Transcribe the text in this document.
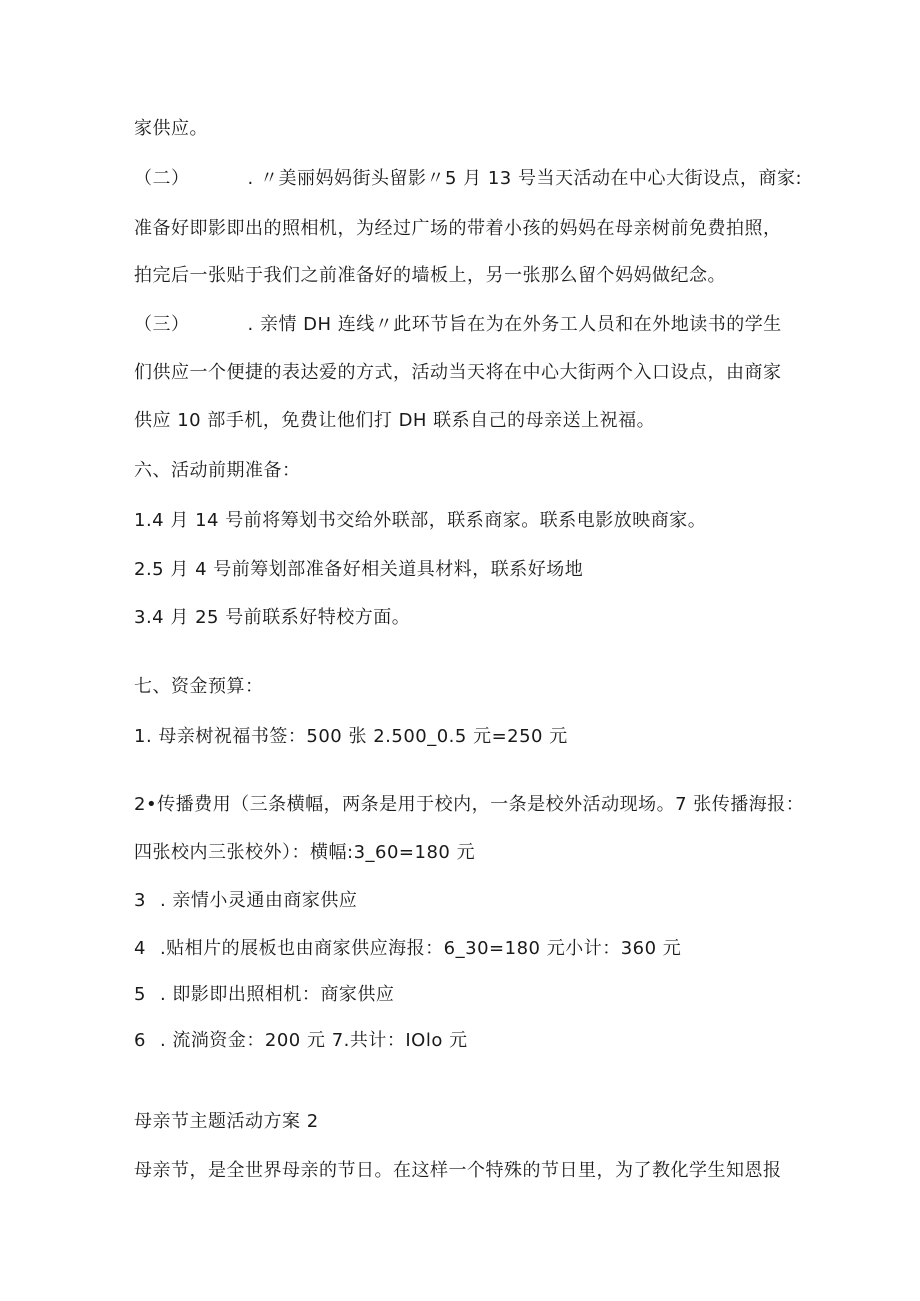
家供应。
（二）	. 〃美丽妈妈街头留影〃5 月 13 号当天活动在中心大街设点，商家:
准备好即影即出的照相机，为经过广场的带着小孩的妈妈在母亲树前免费拍照，
拍完后一张贴于我们之前准备好的墙板上，另一张那么留个妈妈做纪念。
（三）	. 亲情 DH 连线〃此环节旨在为在外务工人员和在外地读书的学生
们供应一个便捷的表达爱的方式，活动当天将在中心大街两个入口设点，由商家
供应 10 部手机，免费让他们打 DH 联系自己的母亲送上祝福。
六、活动前期准备：
1.4 月 14 号前将筹划书交给外联部，联系商家。联系电影放映商家。
2.5 月 4 号前筹划部准备好相关道具材料，联系好场地
3.4 月 25 号前联系好特校方面。
七、资金预算：
1. 母亲树祝福书签：500 张 2.500_0.5 元=250 元
2•传播费用（三条横幅，两条是用于校内，一条是校外活动现场。7 张传播海报：
四张校内三张校外）：横幅:3_60=180 元
3 . 亲情小灵通由商家供应
4 .贴相片的展板也由商家供应海报：6_30=180 元小计：360 元
5 . 即影即出照相机：商家供应
6 . 流淌资金：200 元 7.共计：IOlo 元
母亲节主题活动方案 2
母亲节，是全世界母亲的节日。在这样一个特殊的节日里，为了教化学生知恩报
